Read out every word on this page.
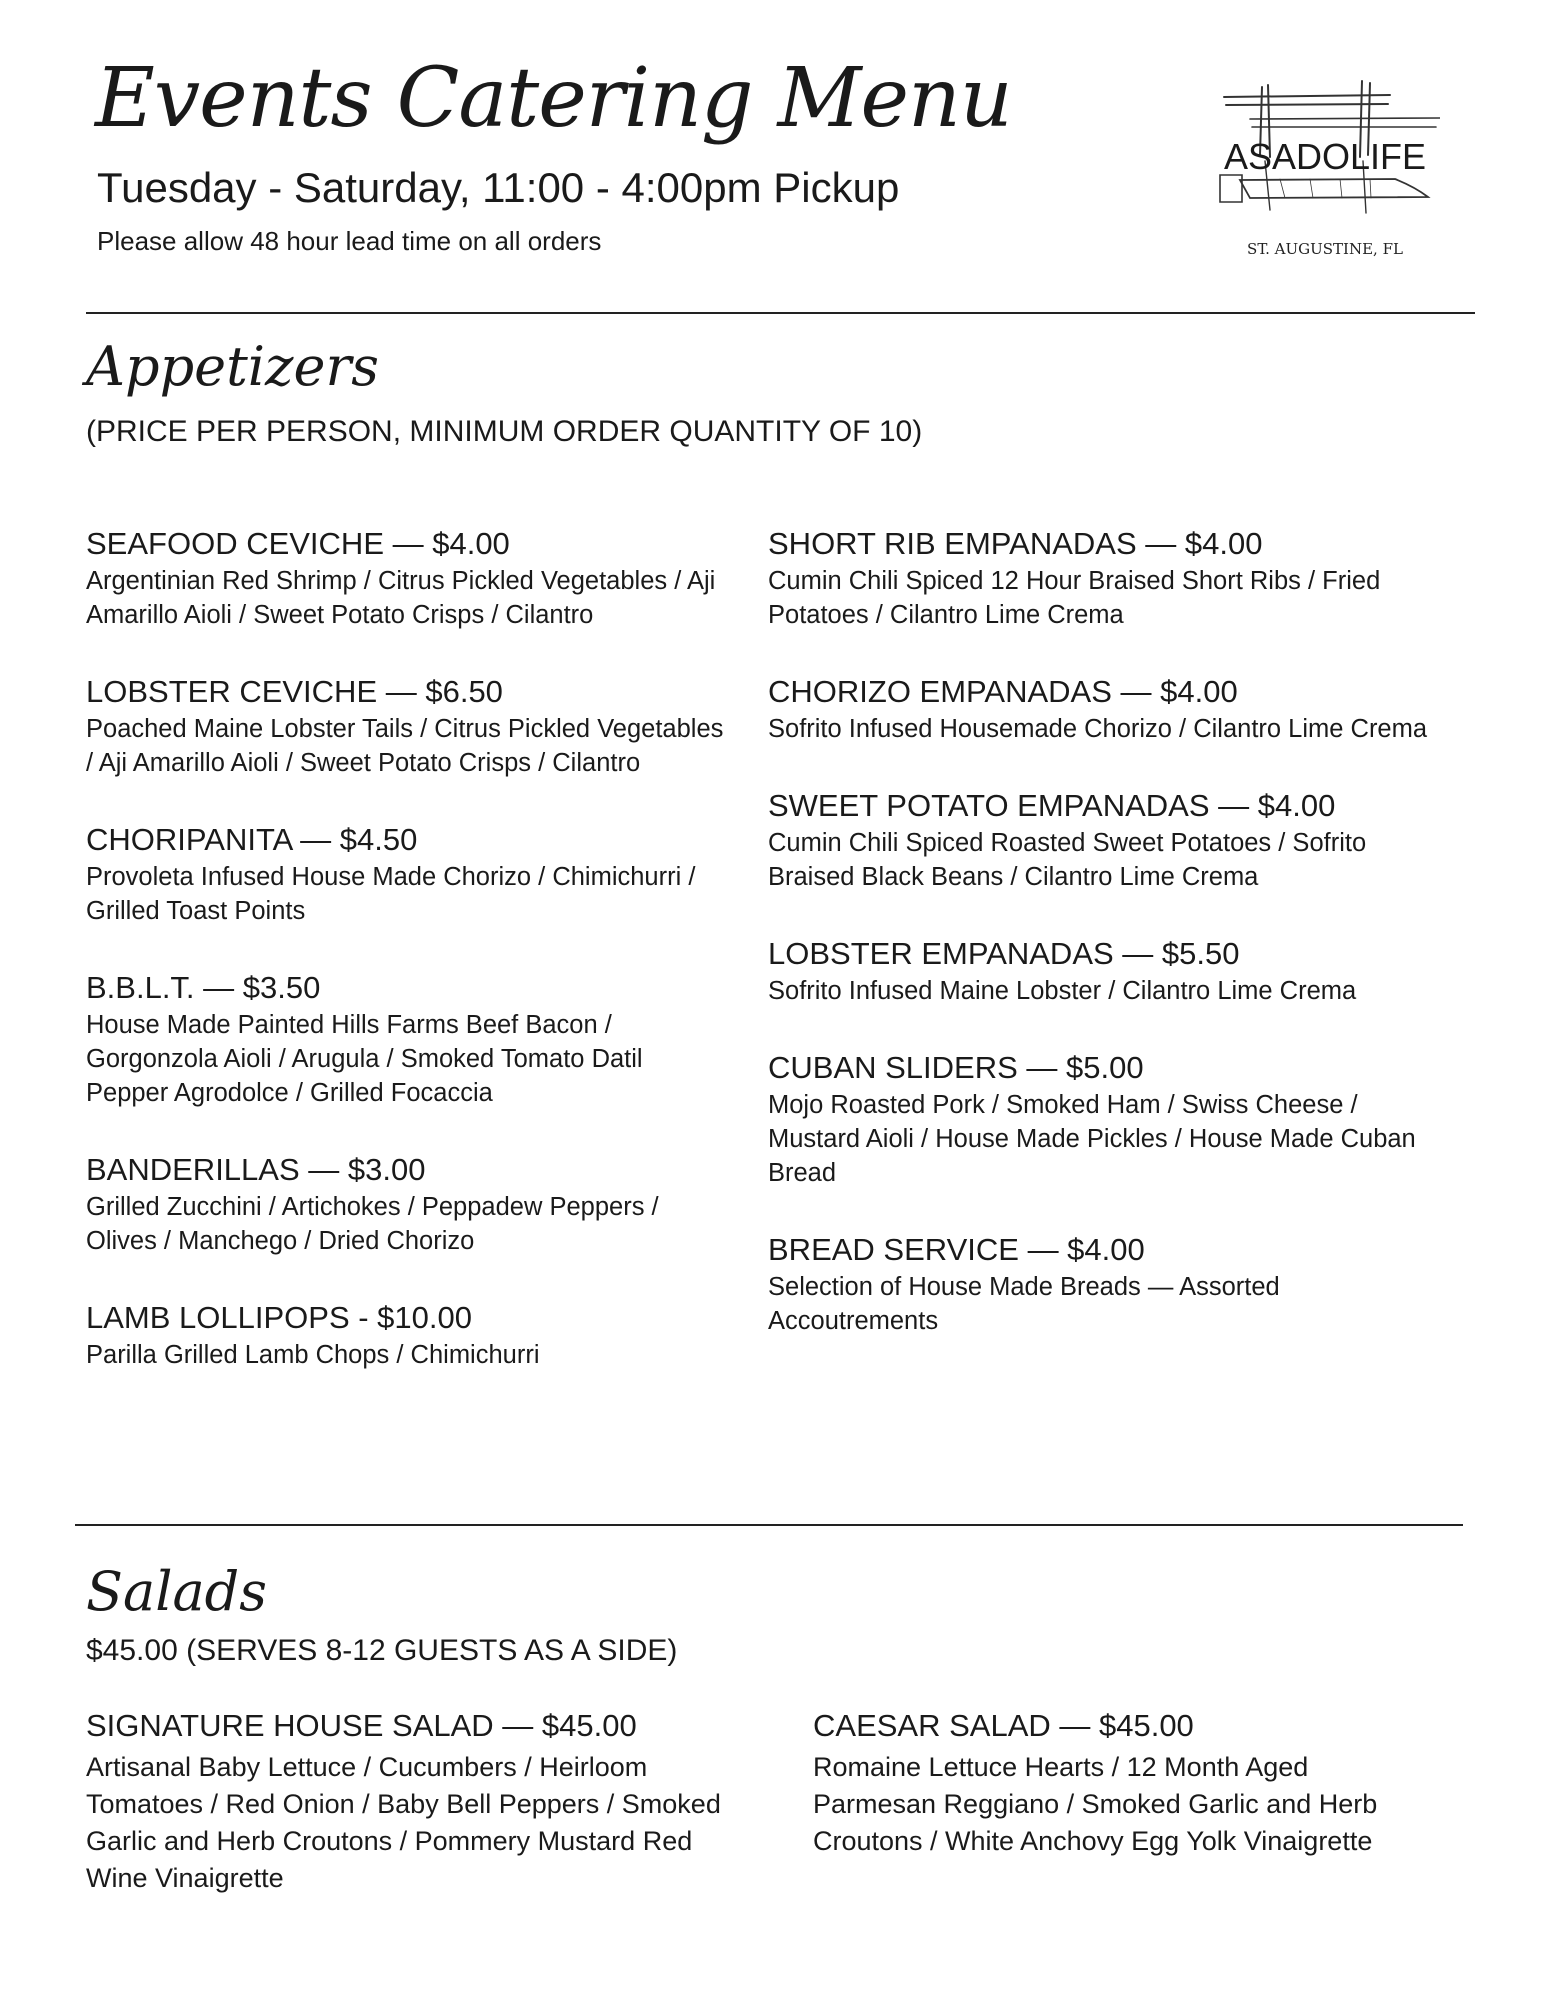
Events Catering Menu

Tuesday - Saturday, 11:00 - 4:00pm Pickup

Please allow 48 hour lead time on all orders

ASADOLIFE
ST. AUGUSTINE, FL
Appetizers

(PRICE PER PERSON, MINIMUM ORDER QUANTITY OF 10)

SEAFOOD CEVICHE — $4.00
Argentinian Red Shrimp / Citrus Pickled Vegetables / Aji Amarillo Aioli / Sweet Potato Crisps / Cilantro
LOBSTER CEVICHE — $6.50
Poached Maine Lobster Tails / Citrus Pickled Vegetables / Aji Amarillo Aioli / Sweet Potato Crisps / Cilantro
CHORIPANITA — $4.50
Provoleta Infused House Made Chorizo / Chimichurri / Grilled Toast Points
B.B.L.T. — $3.50
House Made Painted Hills Farms Beef Bacon / Gorgonzola Aioli / Arugula / Smoked Tomato Datil Pepper Agrodolce / Grilled Focaccia
BANDERILLAS — $3.00
Grilled Zucchini / Artichokes / Peppadew Peppers / Olives / Manchego / Dried Chorizo
LAMB LOLLIPOPS - $10.00
Parilla Grilled Lamb Chops / Chimichurri
SHORT RIB EMPANADAS — $4.00
Cumin Chili Spiced 12 Hour Braised Short Ribs / Fried Potatoes / Cilantro Lime Crema
CHORIZO EMPANADAS — $4.00
Sofrito Infused Housemade Chorizo / Cilantro Lime Crema
SWEET POTATO EMPANADAS — $4.00
Cumin Chili Spiced Roasted Sweet Potatoes / Sofrito Braised Black Beans / Cilantro Lime Crema
LOBSTER EMPANADAS — $5.50
Sofrito Infused Maine Lobster / Cilantro Lime Crema
CUBAN SLIDERS — $5.00
Mojo Roasted Pork / Smoked Ham / Swiss Cheese / Mustard Aioli / House Made Pickles / House Made Cuban Bread
BREAD SERVICE — $4.00
Selection of House Made Breads — Assorted Accoutrements
Salads

$45.00 (SERVES 8-12 GUESTS AS A SIDE)

SIGNATURE HOUSE SALAD — $45.00
Artisanal Baby Lettuce / Cucumbers / Heirloom Tomatoes / Red Onion / Baby Bell Peppers / Smoked Garlic and Herb Croutons / Pommery Mustard Red Wine Vinaigrette
CAESAR SALAD — $45.00
Romaine Lettuce Hearts / 12 Month Aged Parmesan Reggiano / Smoked Garlic and Herb Croutons / White Anchovy Egg Yolk Vinaigrette
